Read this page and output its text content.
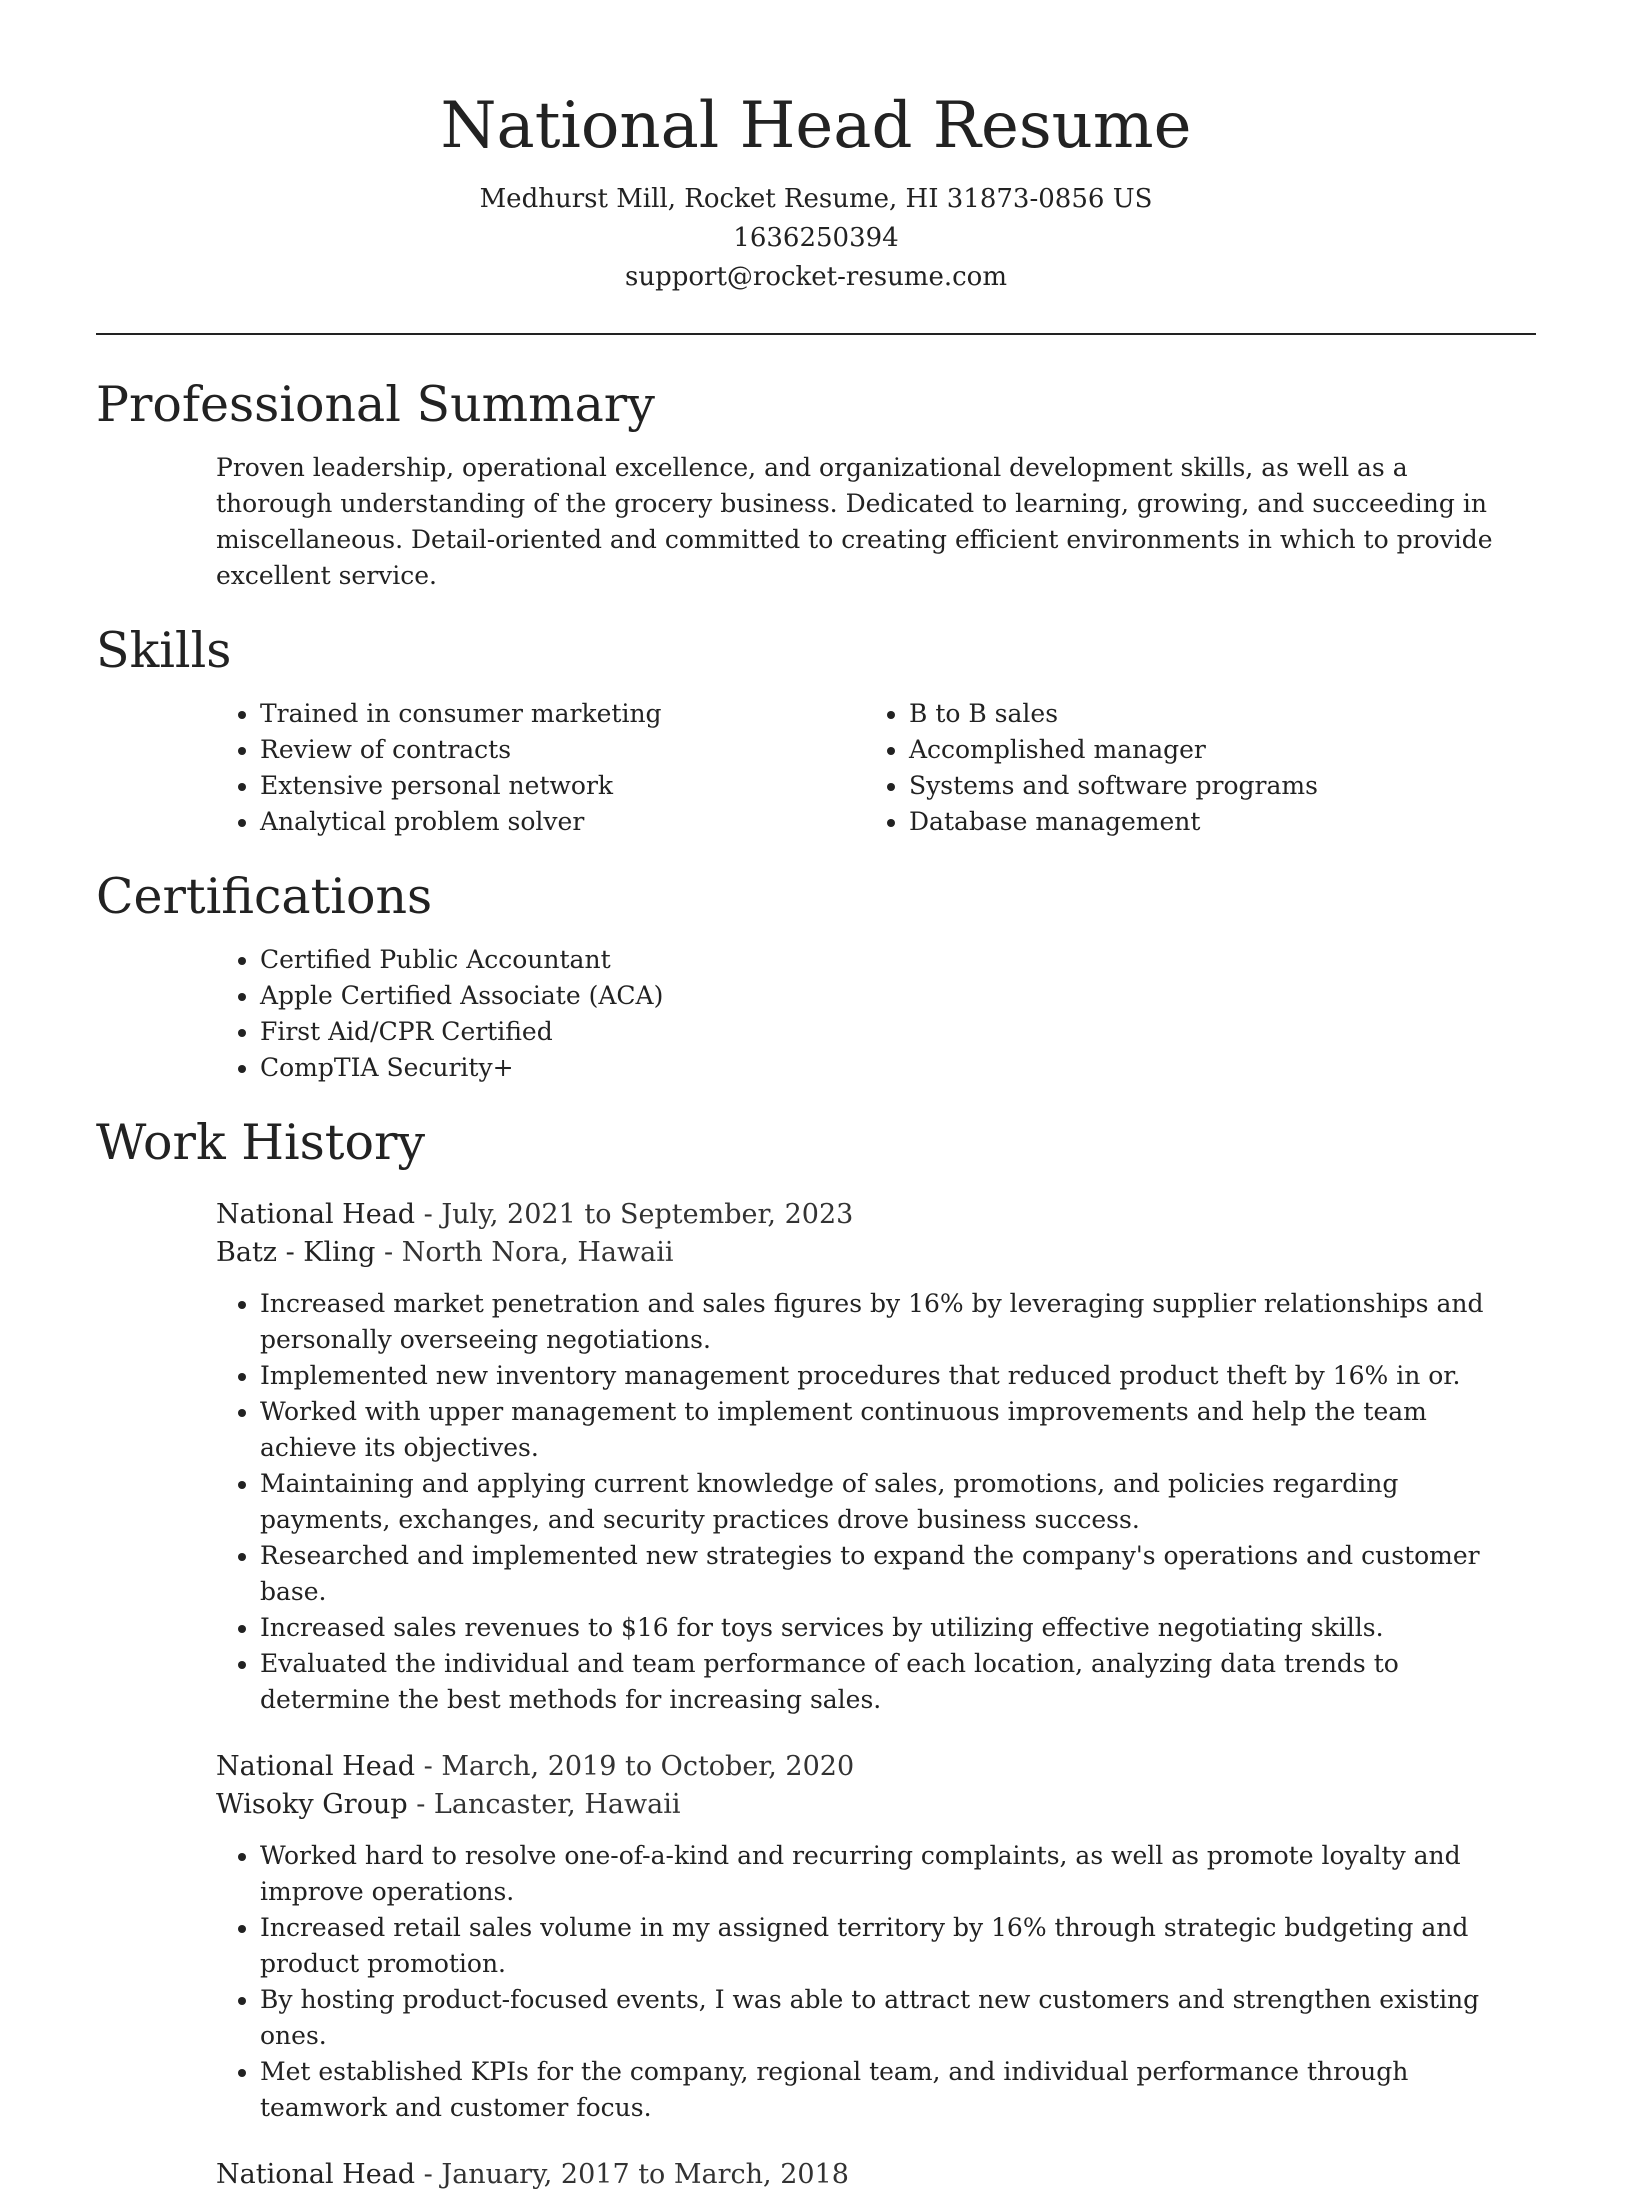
National Head Resume
Medhurst Mill, Rocket Resume, HI 31873-0856 US
1636250394
support@rocket-resume.com
Professional Summary

Proven leadership, operational excellence, and organizational development skills, as well as a thorough understanding of the grocery business. Dedicated to learning, growing, and succeeding in miscellaneous. Detail-oriented and committed to creating efficient environments in which to provide excellent service.

Skills
• Trained in consumer marketing
• Review of contracts
• Extensive personal network
• Analytical problem solver
• B to B sales
• Accomplished manager
• Systems and software programs
• Database management
Certifications
• Certified Public Accountant
• Apple Certified Associate (ACA)
• First Aid/CPR Certified
• CompTIA Security+
Work History
National Head - July, 2021 to September, 2023
Batz - Kling - North Nora, Hawaii
• Increased market penetration and sales figures by 16% by leveraging supplier relationships and personally overseeing negotiations.
• Implemented new inventory management procedures that reduced product theft by 16% in or.
• Worked with upper management to implement continuous improvements and help the team achieve its objectives.
• Maintaining and applying current knowledge of sales, promotions, and policies regarding payments, exchanges, and security practices drove business success.
• Researched and implemented new strategies to expand the company's operations and customer base.
• Increased sales revenues to $16 for toys services by utilizing effective negotiating skills.
• Evaluated the individual and team performance of each location, analyzing data trends to determine the best methods for increasing sales.
National Head - March, 2019 to October, 2020
Wisoky Group - Lancaster, Hawaii
• Worked hard to resolve one-of-a-kind and recurring complaints, as well as promote loyalty and improve operations.
• Increased retail sales volume in my assigned territory by 16% through strategic budgeting and product promotion.
• By hosting product-focused events, I was able to attract new customers and strengthen existing ones.
• Met established KPIs for the company, regional team, and individual performance through teamwork and customer focus.
National Head - January, 2017 to March, 2018
